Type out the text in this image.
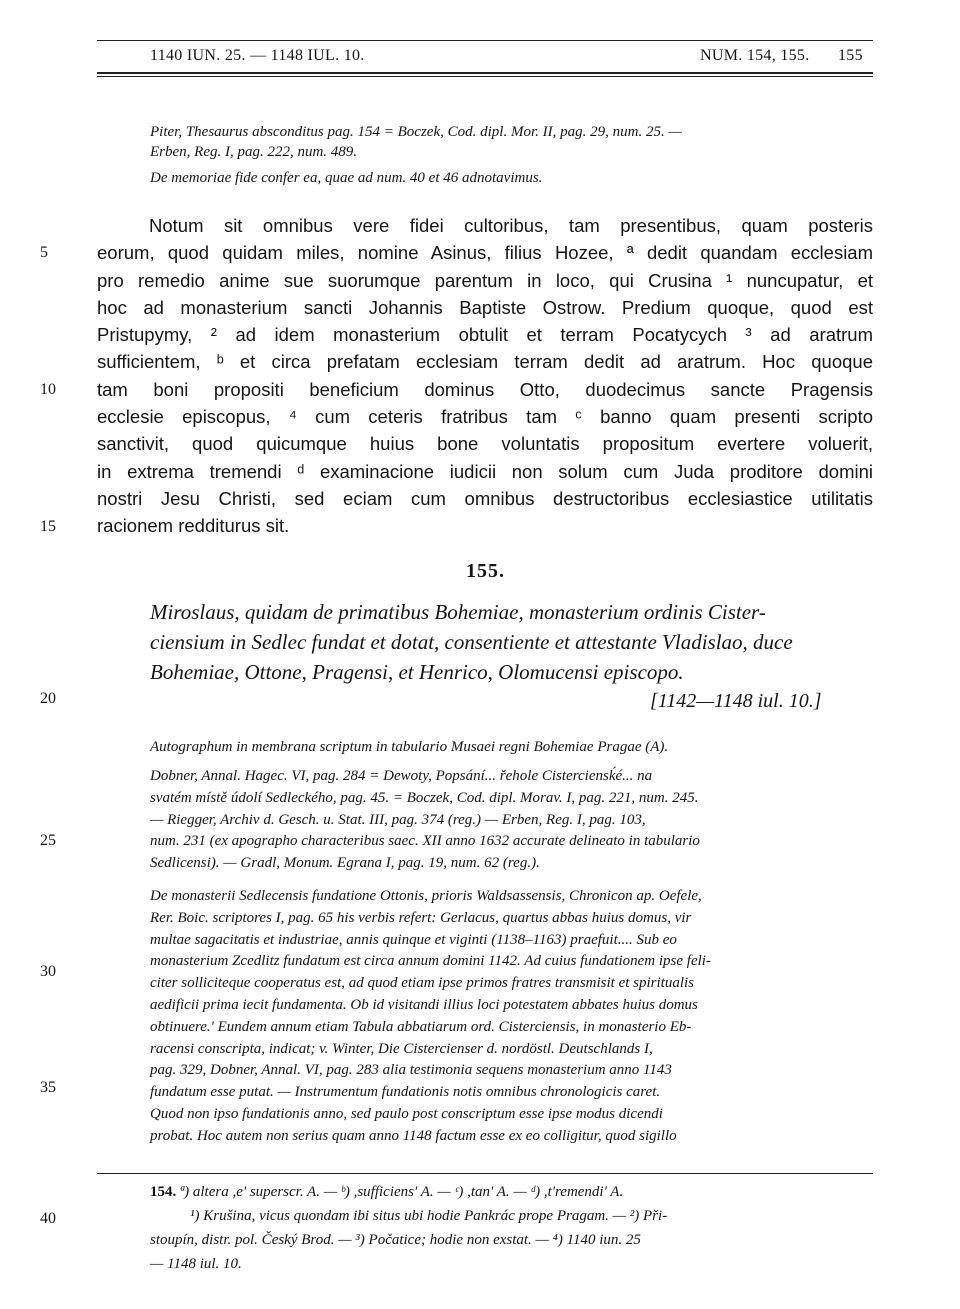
1140 IUN. 25. — 1148 IUL. 10.	NUM. 154, 155. 155
5
10
15
20
25
30
35
40
Piter, Thesaurus absconditus pag. 154 = Boczek, Cod. dipl. Mor. II, pag. 29, num. 25. —
Erben, Reg. I, pag. 222, num. 489.
De memoriae fide confer ea, quae ad num. 40 et 46 adnotavimus.
Notum sit omnibus vere fidei cultoribus, tam presentibus, quam posteris
eorum, quod quidam miles, nomine Asinus, filius Hozee, ª dedit quandam ecclesiam
pro remedio anime sue suorumque parentum in loco, qui Crusina ¹ nuncupatur, et
hoc ad monasterium sancti Johannis Baptiste Ostrow. Predium quoque, quod est
Pristupymy, ² ad idem monasterium obtulit et terram Pocatycych ³ ad aratrum
sufficientem, ᵇ et circa prefatam ecclesiam terram dedit ad aratrum. Hoc quoque
tam boni propositi beneficium dominus Otto, duodecimus sancte Pragensis
ecclesie episcopus, ⁴ cum ceteris fratribus tam ᶜ banno quam presenti scripto
sanctivit, quod quicumque huius bone voluntatis propositum evertere voluerit,
in extrema tremendi ᵈ examinacione iudicii non solum cum Juda proditore domini
nostri Jesu Christi, sed eciam cum omnibus destructoribus ecclesiastice utilitatis
racionem redditurus sit.
155.
Miroslaus, quidam de primatibus Bohemiae, monasterium ordinis Cister-
ciensium in Sedlec fundat et dotat, consentiente et attestante Vladislao, duce
Bohemiae, Ottone, Pragensi, et Henrico, Olomucensi episcopo.
[1142—1148 iul. 10.]
Autographum in membrana scriptum in tabulario Musaei regni Bohemiae Pragae (A).
Dobner, Annal. Hagec. VI, pag. 284 = Dewoty, Popsání... řehole Cisterciensḱé... na
svatém místě údolí Sedleckého, pag. 45. = Boczek, Cod. dipl. Morav. I, pag. 221, num. 245.
— Riegger, Archiv d. Gesch. u. Stat. III, pag. 374 (reg.) — Erben, Reg. I, pag. 103,
num. 231 (ex apographo characteribus saec. XII anno 1632 accurate delineato in tabulario
Sedlicensi). — Gradl, Monum. Egrana I, pag. 19, num. 62 (reg.).
De monasterii Sedlecensis fundatione Ottonis, prioris Waldsassensis, Chronicon ap. Oefele,
Rer. Boic. scriptores I, pag. 65 his verbis refert: Gerlacus, quartus abbas huius domus, vir
multae sagacitatis et industriae, annis quinque et viginti (1138–1163) praefuit.... Sub eo
monasterium Zcedlitz fundatum est circa annum domini 1142. Ad cuius fundationem ipse feli-
citer solliciteque cooperatus est, ad quod etiam ipse primos fratres transmisit et spiritualis
aedificii prima iecit fundamenta. Ob id visitandi illius loci potestatem abbates huius domus
obtinuere.' Eundem annum etiam Tabula abbatiarum ord. Cisterciensis, in monasterio Eb-
racensi conscripta, indicat; v. Winter, Die Cistercienser d. nordöstl. Deutschlands I,
pag. 329, Dobner, Annal. VI, pag. 283 alia testimonia sequens monasterium anno 1143
fundatum esse putat. — Instrumentum fundationis notis omnibus chronologicis caret.
Quod non ipso fundationis anno, sed paulo post conscriptum esse ipse modus dicendi
probat. Hoc autem non serius quam anno 1148 factum esse ex eo colligitur, quod sigillo
154. ª) altera ,e' superscr. A. — ᵇ) ,sufficiens' A. — ᶜ) ,tan' A. — ᵈ) ,t'remendi' A.
¹) Krušina, vicus quondam ibi situs ubi hodie Pankrác prope Pragam. — ²) Při-
stoupín, distr. pol. Český Brod. — ³) Počatice; hodie non exstat. — ⁴) 1140 iun. 25
— 1148 iul. 10.
